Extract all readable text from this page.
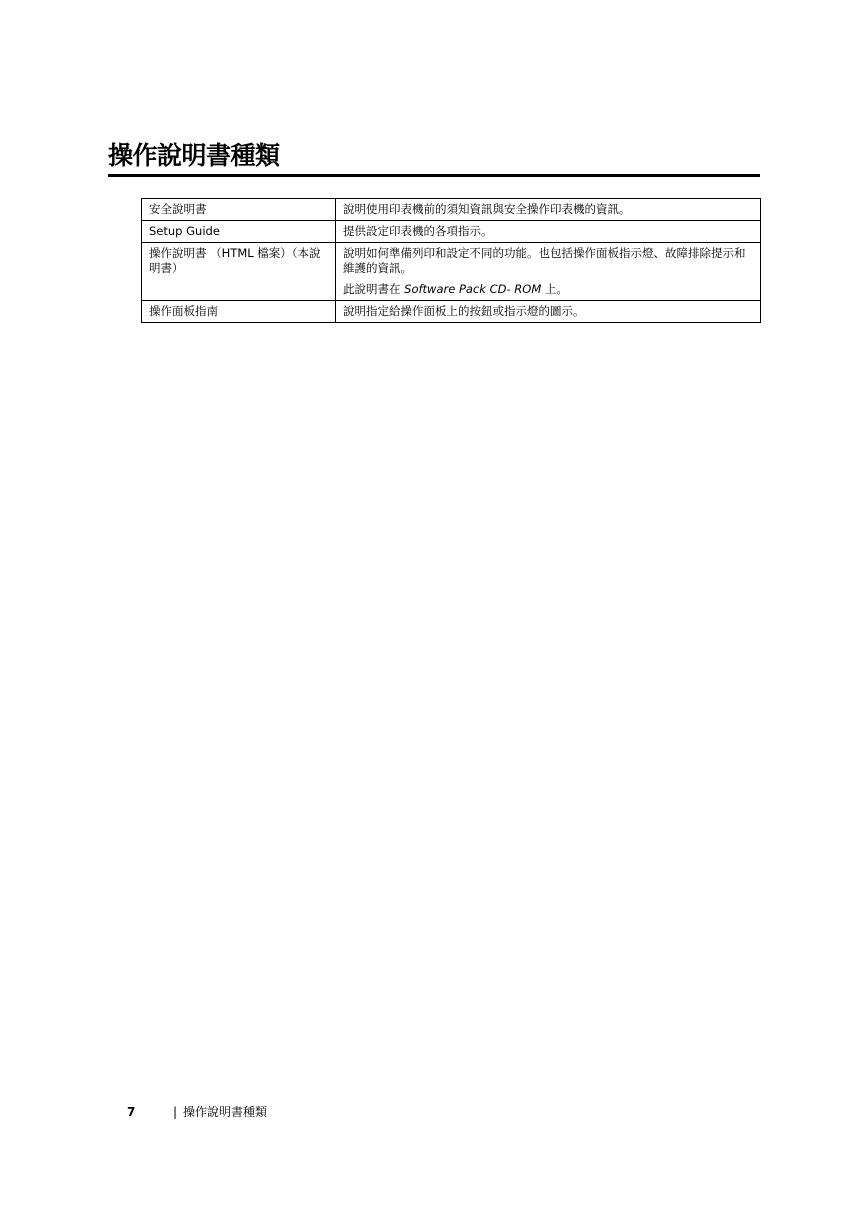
操作說明書種類
安全說明書	說明使用印表機前的須知資訊與安全操作印表機的資訊。

Setup Guide	提供設定印表機的各項指示。

操作說明書 （HTML 檔案）（本說明書）	說明如何準備列印和設定不同的功能。也包括操作面板指示燈、故障排除提示和維護的資訊。

此說明書在 Software Pack CD- ROM 上。

操作面板指南	說明指定給操作面板上的按鈕或指示燈的圖示。

7	| 操作說明書種類
